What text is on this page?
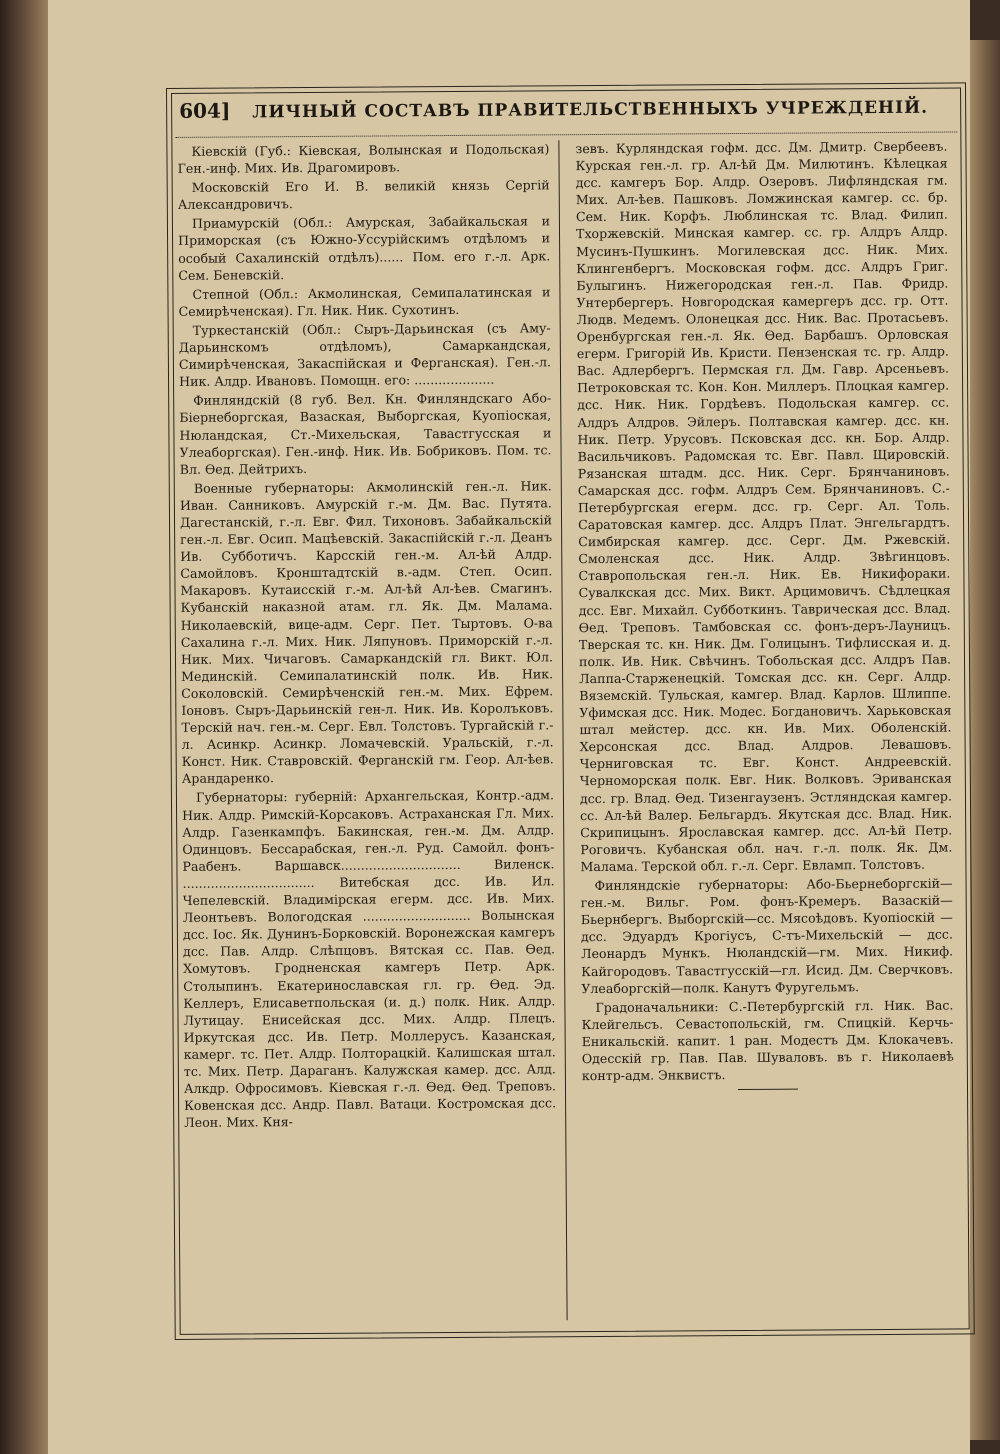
604] ЛИЧНЫЙ СОСТАВЪ ПРАВИТЕЛЬСТВЕННЫХЪ УЧРЕЖДЕНІЙ.

Кіевскій (Губ.: Кіевская, Волынская и Подольская) Ген.-инф. Мих. Ив. Драгомировъ.

Московскій Его И. В. великій князь Сергій Александровичъ.

Приамурскій (Обл.: Амурская, Забайкальская и Приморская (съ Южно-Уссурійскимъ отдѣломъ и особый Сахалинскій отдѣлъ)...... Пом. его г.-л. Арк. Сем. Беневскій.

Степной (Обл.: Акмолинская, Семипалатинская и Семирѣченская). Гл. Ник. Ник. Сухотинъ.

Туркестанскій (Обл.: Сыръ-Дарьинская (съ Аму-Дарьинскомъ отдѣломъ), Самаркандская, Симирѣченская, Закаспійская и Ферганская). Ген.-л. Ник. Алдр. Ивановъ. Помощн. его: ....................

Финляндскій (8 губ. Вел. Кн. Финляндскаго Або-Біернеборгская, Вазаская, Выборгская, Куопіоская, Нюландская, Ст.-Михельская, Тавастгусская и Улеаборгская). Ген.-инф. Ник. Ив. Бобриковъ. Пом. тс. Вл. Ѳед. Дейтрихъ.

Военные губернаторы: Акмолинскій ген.-л. Ник. Иван. Санниковъ. Амурскій г.-м. Дм. Вас. Путята. Дагестанскій, г.-л. Евг. Фил. Тихоновъ. Забайкальскій ген.-л. Евг. Осип. Мацѣевскій. Закаспійскій г.-л. Деанъ Ив. Субботичъ. Карсскій ген.-м. Ал-ѣй Алдр. Самойловъ. Кронштадтскій в.-адм. Степ. Осип. Макаровъ. Кутаисскій г.-м. Ал-ѣй Ал-ѣев. Смагинъ. Кубанскій наказной атам. гл. Як. Дм. Малама. Николаевскій, вице-адм. Серг. Пет. Тыртовъ. О-ва Сахалина г.-л. Мих. Ник. Ляпуновъ. Приморскій г.-л. Ник. Мих. Чичаговъ. Самаркандскій гл. Викт. Юл. Мединскій. Семипалатинскій полк. Ив. Ник. Соколовскій. Семирѣченскій ген.-м. Мих. Ефрем. Іоновъ. Сыръ-Дарьинскій ген-л. Ник. Ив. Королъковъ. Терскій нач. ген.-м. Серг. Евл. Толстовъ. Тургайскій г.-л. Асинкр. Асинкр. Ломачевскій. Уральскій, г.-л. Конст. Ник. Ставровскій. Ферганскій гм. Геор. Ал-ѣев. Арандаренко.

Губернаторы: губерній: Архангельская, Контр.-адм. Ник. Алдр. Римскій-Корсаковъ. Астраханская Гл. Мих. Алдр. Газенкампфъ. Бакинская, ген.-м. Дм. Алдр. Одинцовъ. Бессарабская, ген.-л. Руд. Самойл. фонъ-Раабенъ. Варшавск.............................. Виленск. ................................. Витебская дсс. Ив. Ил. Чепелевскій. Владимірская егерм. дсс. Ив. Мих. Леонтьевъ. Вологодская ........................... Волынская дсс. Іос. Як. Дунинъ-Борковскій. Воронежская камгеръ дсс. Пав. Алдр. Слѣпцовъ. Вятская сс. Пав. Ѳед. Хомутовъ. Гродненская камгеръ Петр. Арк. Столыпинъ. Екатеринославская гл. гр. Ѳед. Эд. Келлеръ, Елисаветпольская (и. д.) полк. Ник. Алдр. Лутицау. Енисейская дсс. Мих. Алдр. Плецъ. Иркутская дсс. Ив. Петр. Моллерусъ. Казанская, камерг. тс. Пет. Алдр. Полторацкій. Калишская штал. тс. Мих. Петр. Дараганъ. Калужская камер. дсс. Алд. Алкдр. Офросимовъ. Кіевская г.-л. Ѳед. Ѳед. Треповъ. Ковенская дсс. Андр. Павл. Ватаци. Костромская дсс. Леон. Мих. Кня-

зевъ. Курляндская гофм. дсс. Дм. Дмитр. Свербеевъ. Курская ген.-л. гр. Ал-ѣй Дм. Милютинъ. Кѣлецкая дсс. камгеръ Бор. Алдр. Озеровъ. Лифляндская гм. Мих. Ал-ѣев. Пашковъ. Ломжинская камгер. сс. бр. Сем. Ник. Корфъ. Люблинская тс. Влад. Филип. Тхоржевскій. Минская камгер. сс. гр. Алдръ Алдр. Мусинъ-Пушкинъ. Могилевская дсс. Ник. Мих. Клингенбергъ. Московская гофм. дсс. Алдръ Григ. Булыгинъ. Нижегородская ген.-л. Пав. Фридр. Унтербергеръ. Новгородская камергеръ дсс. гр. Отт. Людв. Медемъ. Олонецкая дсс. Ник. Вас. Протасьевъ. Оренбургская ген.-л. Як. Ѳед. Барбашъ. Орловская егерм. Григорій Ив. Кристи. Пензенская тс. гр. Алдр. Вас. Адлербергъ. Пермская гл. Дм. Гавр. Арсеньевъ. Петроковская тс. Кон. Кон. Миллеръ. Плоцкая камгер. дсс. Ник. Ник. Гордѣевъ. Подольская камгер. сс. Алдръ Алдров. Эйлеръ. Полтавская камгер. дсс. кн. Ник. Петр. Урусовъ. Псковская дсс. кн. Бор. Алдр. Васильчиковъ. Радомская тс. Евг. Павл. Щировскій. Рязанская штадм. дсс. Ник. Серг. Брянчаниновъ. Самарская дсс. гофм. Алдръ Сем. Брянчаниновъ. С.-Петербургская егерм. дсс. гр. Серг. Ал. Толь. Саратовская камгер. дсс. Алдръ Плат. Энгельгардтъ. Симбирская камгер. дсс. Серг. Дм. Ржевскій. Смоленская дсс. Ник. Алдр. Звѣгинцовъ. Ставропольская ген.-л. Ник. Ев. Никифораки. Сувалкская дсс. Мих. Викт. Арцимовичъ. Сѣдлецкая дсс. Евг. Михайл. Субботкинъ. Таврическая дсс. Влад. Ѳед. Треповъ. Тамбовская сс. фонъ-деръ-Лауницъ. Тверская тс. кн. Ник. Дм. Голицынъ. Тифлисская и. д. полк. Ив. Ник. Свѣчинъ. Тобольская дсс. Алдръ Пав. Лаппа-Старженецкій. Томская дсс. кн. Серг. Алдр. Вяземскій. Тульская, камгер. Влад. Карлов. Шлиппе. Уфимская дсс. Ник. Модес. Богдановичъ. Харьковская штал мейстер. дсс. кн. Ив. Мих. Оболенскій. Херсонская дсс. Влад. Алдров. Левашовъ. Черниговская тс. Евг. Конст. Андреевскій. Черноморская полк. Евг. Ник. Волковъ. Эриванская дсс. гр. Влад. Ѳед. Тизенгаузенъ. Эстляндская камгер. сс. Ал-ѣй Валер. Бельгардъ. Якутская дсс. Влад. Ник. Скрипицынъ. Ярославская камгер. дсс. Ал-ѣй Петр. Роговичъ. Кубанская обл. нач. г.-л. полк. Як. Дм. Малама. Терской обл. г.-л. Серг. Евламп. Толстовъ.

Финляндскіе губернаторы: Або-Бьернеборгскій—ген.-м. Вильг. Ром. фонъ-Кремеръ. Вазаскій—Бьернбергъ. Выборгскій—сс. Мясоѣдовъ. Куопіоскій — дсс. Эдуардъ Крогіусъ, С-тъ-Михельскій — дсс. Леонардъ Мункъ. Нюландскій—гм. Мих. Никиф. Кайгородовъ. Тавастгусскій—гл. Исид. Дм. Сверчковъ. Улеаборгскій—полк. Канутъ Фуругельмъ.

Градоначальники: С.-Петербургскій гл. Ник. Вас. Клейгельсъ. Севастопольскій, гм. Спицкій. Керчь-Еникальскій. капит. 1 ран. Модестъ Дм. Клокачевъ. Одесскій гр. Пав. Пав. Шуваловъ. въ г. Николаевѣ контр-адм. Энквистъ.
